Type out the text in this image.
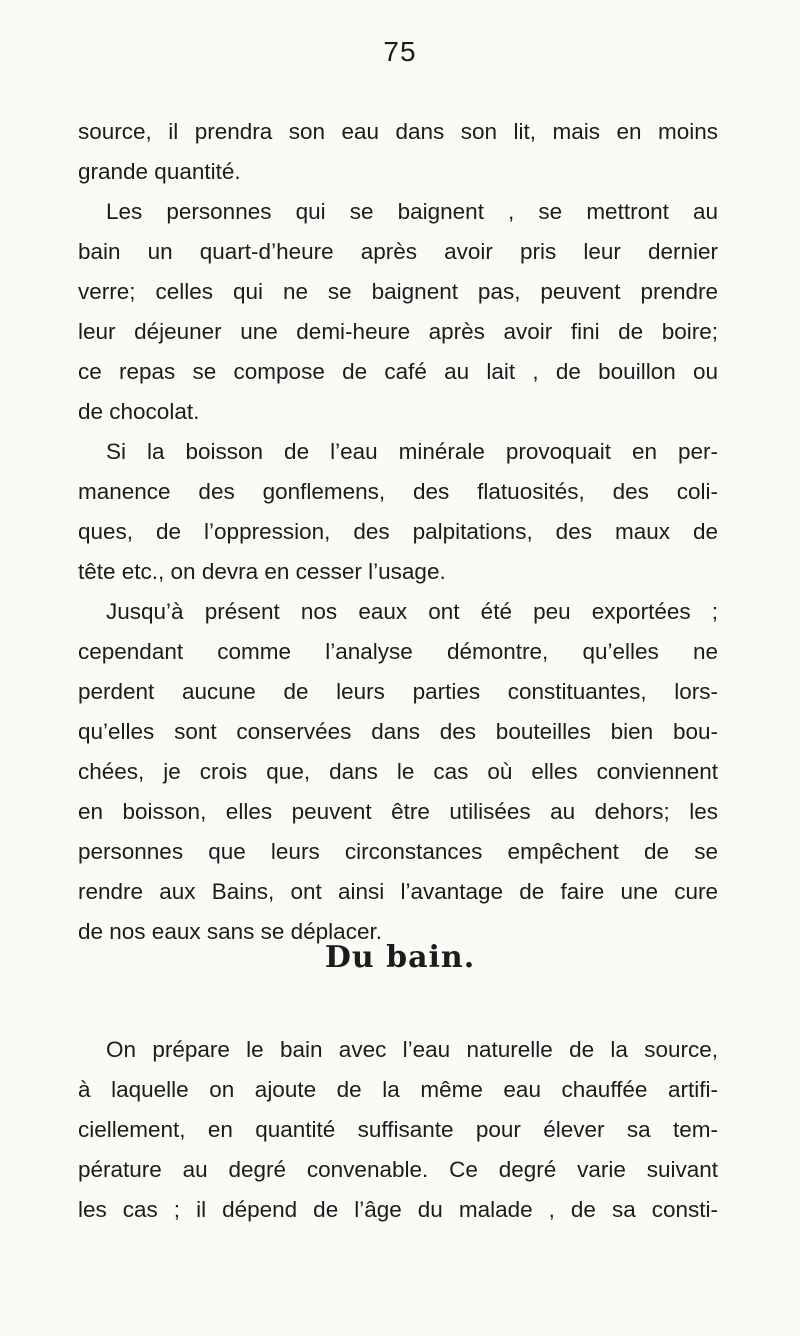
75
source, il prendra son eau dans son lit, mais en moins
grande quantité.
Les personnes qui se baignent , se mettront au
bain un quart-d’heure après avoir pris leur dernier
verre; celles qui ne se baignent pas, peuvent prendre
leur déjeuner une demi-heure après avoir fini de boire;
ce repas se compose de café au lait , de bouillon ou
de chocolat.
Si la boisson de l’eau minérale provoquait en per-
manence des gonflemens, des flatuosités, des coli-
ques, de l’oppression, des palpitations, des maux de
tête etc., on devra en cesser l’usage.
Jusqu’à présent nos eaux ont été peu exportées ;
cependant comme l’analyse démontre, qu’elles ne
perdent aucune de leurs parties constituantes, lors-
qu’elles sont conservées dans des bouteilles bien bou-
chées, je crois que, dans le cas où elles conviennent
en boisson, elles peuvent être utilisées au dehors; les
personnes que leurs circonstances empêchent de se
rendre aux Bains, ont ainsi l’avantage de faire une cure
de nos eaux sans se déplacer.
Du bain.
On prépare le bain avec l’eau naturelle de la source,
à laquelle on ajoute de la même eau chauffée artifi-
ciellement, en quantité suffisante pour élever sa tem-
pérature au degré convenable. Ce degré varie suivant
les cas ; il dépend de l’âge du malade , de sa consti-
